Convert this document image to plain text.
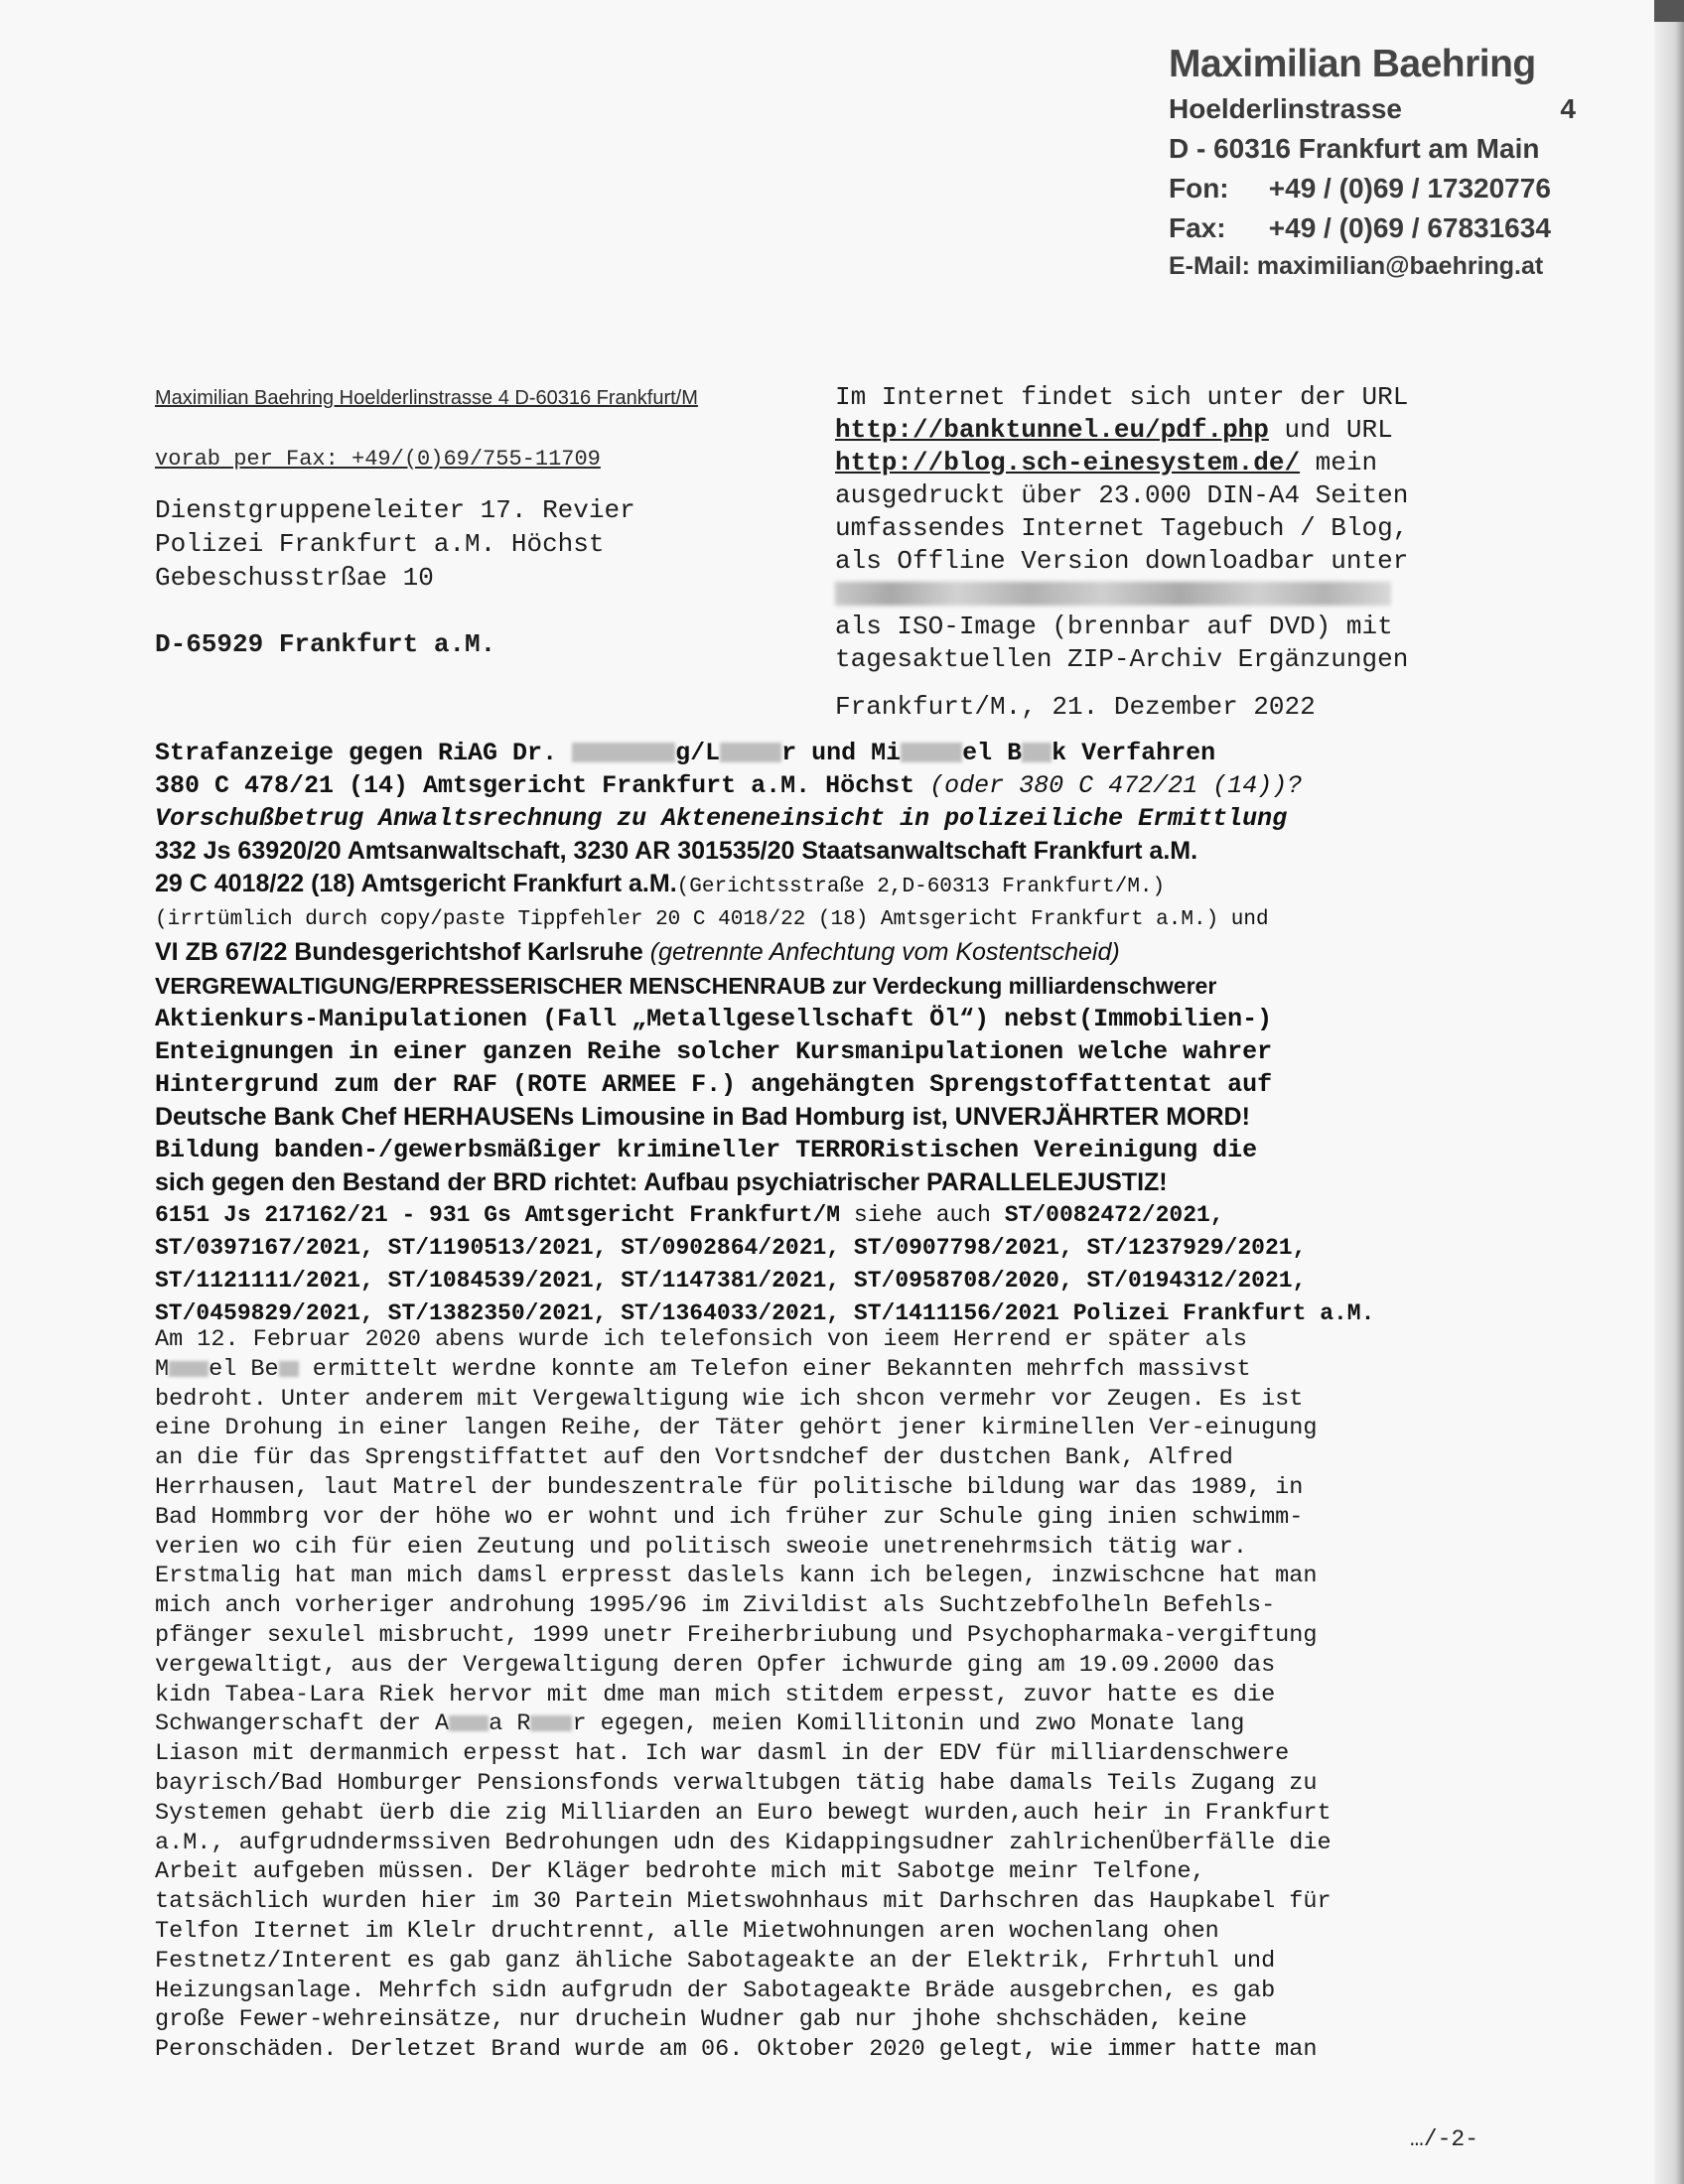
Maximilian Baehring
Hoelderlinstrasse	4
D - 60316 Frankfurt am Main
Fon: +49 / (0)69 / 17320776
Fax: +49 / (0)69 / 67831634
E-Mail: maximilian@baehring.at
Maximilian Baehring Hoelderlinstrasse 4 D-60316 Frankfurt/M
vorab per Fax: +49/(0)69/755-11709
Dienstgruppeneleiter 17. Revier
Polizei Frankfurt a.M. Höchst
Gebeschusstrßae 10
D-65929 Frankfurt a.M.
Im Internet findet sich unter der URL
http://banktunnel.eu/pdf.php und URL
http://blog.sch-einesystem.de/ mein
ausgedruckt über 23.000 DIN-A4 Seiten
umfassendes Internet Tagebuch / Blog,
als Offline Version downloadbar unter
als ISO-Image (brennbar auf DVD) mit
tagesaktuellen ZIP-Archiv Ergänzungen
Frankfurt/M., 21. Dezember 2022
Strafanzeige gegen RiAG Dr.	g/L r und Mi el B k Verfahren
380 C 478/21 (14) Amtsgericht Frankfurt a.M. Höchst (oder 380 C 472/21 (14))?
Vorschußbetrug Anwaltsrechnung zu Akteneneinsicht in polizeiliche Ermittlung
332 Js 63920/20 Amtsanwaltschaft, 3230 AR 301535/20 Staatsanwaltschaft Frankfurt a.M.
29 C 4018/22 (18) Amtsgericht Frankfurt a.M.(Gerichtsstraße 2,D-60313 Frankfurt/M.)
(irrtümlich durch copy/paste Tippfehler 20 C 4018/22 (18) Amtsgericht Frankfurt a.M.) und
VI ZB 67/22 Bundesgerichtshof Karlsruhe (getrennte Anfechtung vom Kostentscheid)
VERGREWALTIGUNG/ERPRESSERISCHER MENSCHENRAUB zur Verdeckung milliardenschwerer
Aktienkurs-Manipulationen (Fall „Metallgesellschaft Öl“) nebst(Immobilien-)
Enteignungen in einer ganzen Reihe solcher Kursmanipulationen welche wahrer
Hintergrund zum der RAF (ROTE ARMEE F.) angehängten Sprengstoffattentat auf
Deutsche Bank Chef HERHAUSENs Limousine in Bad Homburg ist, UNVERJÄHRTER MORD!
Bildung banden-/gewerbsmäßiger krimineller TERRORistischen Vereinigung die
sich gegen den Bestand der BRD richtet: Aufbau psychiatrischer PARALLELEJUSTIZ!
6151 Js 217162/21 - 931 Gs Amtsgericht Frankfurt/M siehe auch ST/0082472/2021,
ST/0397167/2021, ST/1190513/2021, ST/0902864/2021, ST/0907798/2021, ST/1237929/2021,
ST/1121111/2021, ST/1084539/2021, ST/1147381/2021, ST/0958708/2020, ST/0194312/2021,
ST/0459829/2021, ST/1382350/2021, ST/1364033/2021, ST/1411156/2021 Polizei Frankfurt a.M.
Am 12. Februar 2020 abens wurde ich telefonsich von ieem Herrend er später als
M el Be ermittelt werdne konnte am Telefon einer Bekannten mehrfch massivst
bedroht. Unter anderem mit Vergewaltigung wie ich shcon vermehr vor Zeugen. Es ist
eine Drohung in einer langen Reihe, der Täter gehört jener kirminellen Ver-einugung
an die für das Sprengstiffattet auf den Vortsndchef der dustchen Bank, Alfred
Herrhausen, laut Matrel der bundeszentrale für politische bildung war das 1989, in
Bad Hommbrg vor der höhe wo er wohnt und ich früher zur Schule ging inien schwimm-
verien wo cih für eien Zeutung und politisch sweoie unetrenehrmsich tätig war.
Erstmalig hat man mich damsl erpresst daslels kann ich belegen, inzwischcne hat man
mich anch vorheriger androhung 1995/96 im Zivildist als Suchtzebfolheln Befehls-
pfänger sexulel misbrucht, 1999 unetr Freiherbriubung und Psychopharmaka-vergiftung
vergewaltigt, aus der Vergewaltigung deren Opfer ichwurde ging am 19.09.2000 das
kidn Tabea-Lara Riek hervor mit dme man mich stitdem erpesst, zuvor hatte es die
Schwangerschaft der A a R r egegen, meien Komillitonin und zwo Monate lang
Liason mit dermanmich erpesst hat. Ich war dasml in der EDV für milliardenschwere
bayrisch/Bad Homburger Pensionsfonds verwaltubgen tätig habe damals Teils Zugang zu
Systemen gehabt üerb die zig Milliarden an Euro bewegt wurden,auch heir in Frankfurt
a.M., aufgrudndermssiven Bedrohungen udn des Kidappingsudner zahlrichenÜberfälle die
Arbeit aufgeben müssen. Der Kläger bedrohte mich mit Sabotge meinr Telfone,
tatsächlich wurden hier im 30 Partein Mietswohnhaus mit Darhschren das Haupkabel für
Telfon Iternet im Klelr druchtrennt, alle Mietwohnungen aren wochenlang ohen
Festnetz/Interent es gab ganz ähliche Sabotageakte an der Elektrik, Frhrtuhl und
Heizungsanlage. Mehrfch sidn aufgrudn der Sabotageakte Bräde ausgebrchen, es gab
große Fewer-wehreinsätze, nur druchein Wudner gab nur jhohe shchschäden, keine
Peronschäden. Derletzet Brand wurde am 06. Oktober 2020 gelegt, wie immer hatte man
…/-2-
